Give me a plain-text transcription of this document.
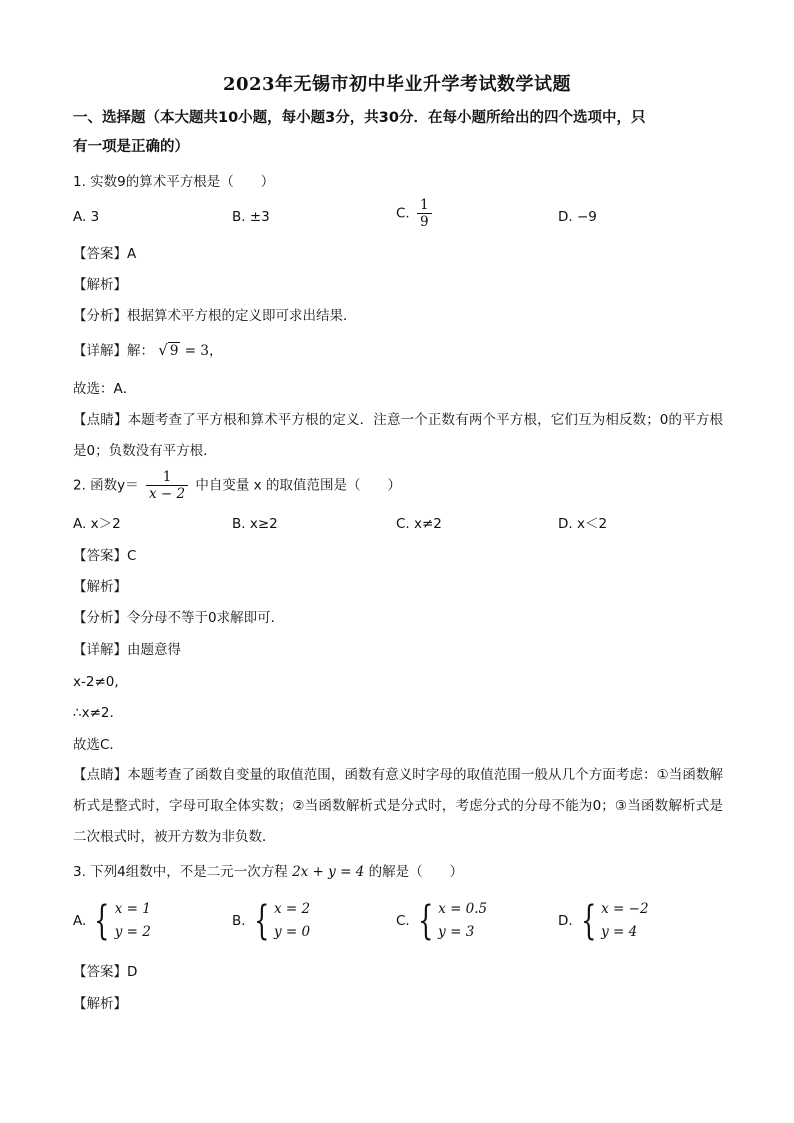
2023年无锡市初中毕业升学考试数学试题
一、选择题（本大题共10小题，每小题3分，共30分．在每小题所给出的四个选项中，只
有一项是正确的）
1. 实数9的算术平方根是（　　）
A. 3	B. ±3	C. $\frac{1}{9}$	D. −9
【答案】A
【解析】
【分析】根据算术平方根的定义即可求出结果．
【详解】解： √ 9 = 3，
故选：A．
【点睛】本题考查了平方根和算术平方根的定义．注意一个正数有两个平方根，它们互为相反数；0的平方根是0；负数没有平方根．
2. 函数$y= \frac{1}{x - 2}$ 中自变量 x 的取值范围是（　　）
A. x＞2	B. x≥2	C. x≠2	D. x＜2
【答案】C
【解析】
【分析】令分母不等于0求解即可．
【详解】由题意得
x-2≠0,
∴x≠2.
故选C．
【点睛】本题考查了函数自变量的取值范围，函数有意义时字母的取值范围一般从几个方面考虑：①当函数解析式是整式时，字母可取全体实数；②当函数解析式是分式时，考虑分式的分母不能为0；③当函数解析式是二次根式时，被开方数为非负数．
3. 下列4组数中，不是二元一次方程 2x + y = 4 的解是（　　）
A. { x = 1
y = 2
B. { x = 2
y = 0
C. { x = 0.5
y = 3
D. { x = −2
y = 4
【答案】D
【解析】
